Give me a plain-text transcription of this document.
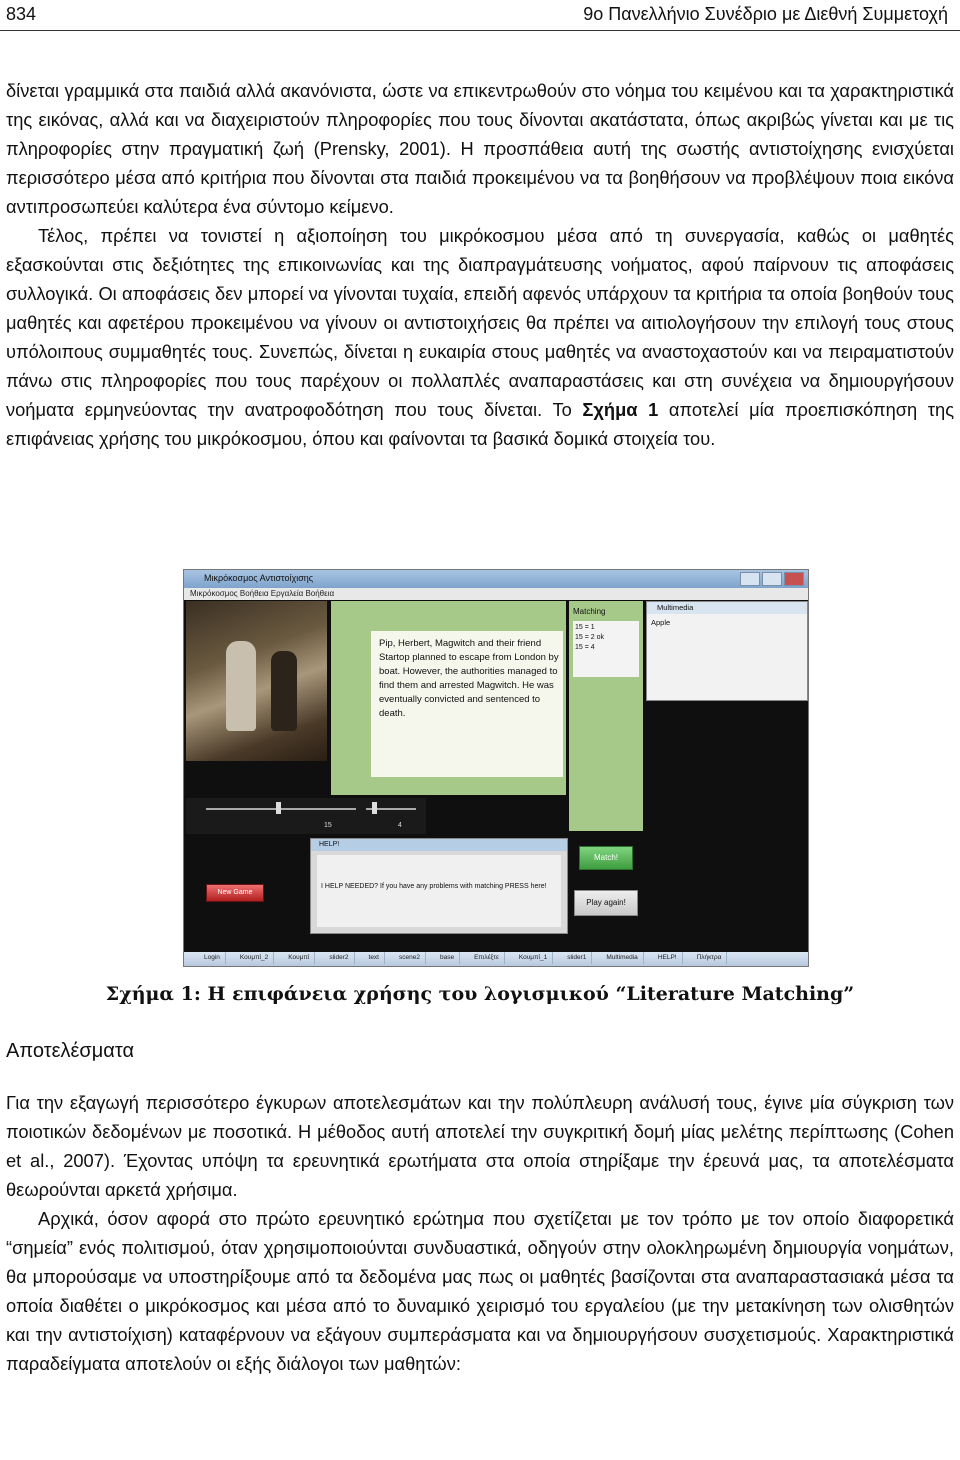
834	9ο Πανελλήνιο Συνέδριο με Διεθνή Συμμετοχή
δίνεται γραμμικά στα παιδιά αλλά ακανόνιστα, ώστε να επικεντρωθούν στο νόημα του κειμένου και τα χαρακτηριστικά της εικόνας, αλλά και να διαχειριστούν πληροφορίες που τους δίνονται ακατάστατα, όπως ακριβώς γίνεται και με τις πληροφορίες στην πραγματική ζωή (Prensky, 2001). Η προσπάθεια αυτή της σωστής αντιστοίχησης ενισχύεται περισσότερο μέσα από κριτήρια που δίνονται στα παιδιά προκειμένου να τα βοηθήσουν να προβλέψουν ποια εικόνα αντιπροσωπεύει καλύτερα ένα σύντομο κείμενο.
Τέλος, πρέπει να τονιστεί η αξιοποίηση του μικρόκοσμου μέσα από τη συνεργασία, καθώς οι μαθητές εξασκούνται στις δεξιότητες της επικοινωνίας και της διαπραγμάτευσης νοήματος, αφού παίρνουν τις αποφάσεις συλλογικά. Οι αποφάσεις δεν μπορεί να γίνονται τυχαία, επειδή αφενός υπάρχουν τα κριτήρια τα οποία βοηθούν τους μαθητές και αφετέρου προκειμένου να γίνουν οι αντιστοιχήσεις θα πρέπει να αιτιολογήσουν την επιλογή τους στους υπόλοιπους συμμαθητές τους. Συνεπώς, δίνεται η ευκαιρία στους μαθητές να αναστοχαστούν και να πειραματιστούν πάνω στις πληροφορίες που τους παρέχουν οι πολλαπλές αναπαραστάσεις και στη συνέχεια να δημιουργήσουν νοήματα ερμηνεύοντας την ανατροφοδότηση που τους δίνεται. Το Σχήμα 1 αποτελεί μία προεπισκόπηση της επιφάνειας χρήσης του μικρόκοσμου, όπου και φαίνονται τα βασικά δομικά στοιχεία του.
Μικρόκοσμος Αντιστοίχισης
Μικρόκοσμος Βοήθεια Εργαλεία Βοήθεια
Pip, Herbert, Magwitch and their friend Startop planned to escape from London by boat. However, the authorities managed to find them and arrested Magwitch. He was eventually convicted and sentenced to death.
Matching
15 = 1
15 = 2 ok
15 = 4
Match!
Play again!
Multimedia
Apple
15	4
HELP!
I HELP NEEDED? If you have any problems with matching PRESS here!
New Game
Login	Κουμπί_2	Κουμπί	slider2	text	scene2	base	Επιλέξτε	Κουμπί_1	slider1	Multimedia	HELP!	Πλήκτρα
Σχήμα 1: Η επιφάνεια χρήσης του λογισμικού “Literature Matching”
Αποτελέσματα
Για την εξαγωγή περισσότερο έγκυρων αποτελεσμάτων και την πολύπλευρη ανάλυσή τους, έγινε μία σύγκριση των ποιοτικών δεδομένων με ποσοτικά. Η μέθοδος αυτή αποτελεί την συγκριτική δομή μίας μελέτης περίπτωσης (Cohen et al., 2007). Έχοντας υπόψη τα ερευνητικά ερωτήματα στα οποία στηρίξαμε την έρευνά μας, τα αποτελέσματα θεωρούνται αρκετά χρήσιμα.
Αρχικά, όσον αφορά στο πρώτο ερευνητικό ερώτημα που σχετίζεται με τον τρόπο με τον οποίο διαφορετικά “σημεία” ενός πολιτισμού, όταν χρησιμοποιούνται συνδυαστικά, οδηγούν στην ολοκληρωμένη δημιουργία νοημάτων, θα μπορούσαμε να υποστηρίξουμε από τα δεδομένα μας πως οι μαθητές βασίζονται στα αναπαραστασιακά μέσα τα οποία διαθέτει ο μικρόκοσμος και μέσα από το δυναμικό χειρισμό του εργαλείου (με την μετακίνηση των ολισθητών και την αντιστοίχιση) καταφέρνουν να εξάγουν συμπεράσματα και να δημιουργήσουν συσχετισμούς. Χαρακτηριστικά παραδείγματα αποτελούν οι εξής διάλογοι των μαθητών:
